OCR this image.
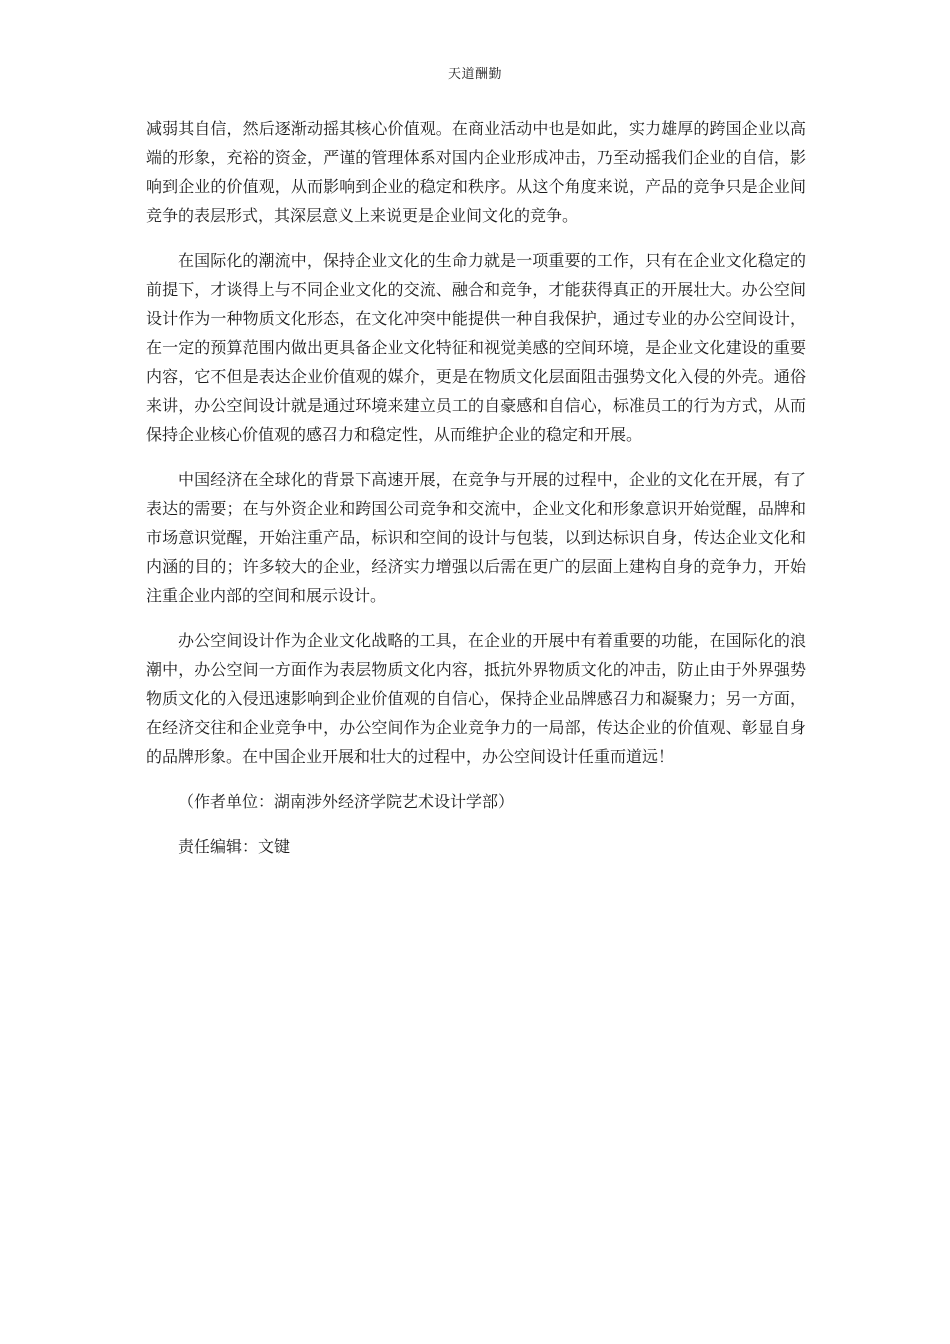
天道酬勤

减弱其自信，然后逐渐动摇其核心价值观。在商业活动中也是如此，实力雄厚的跨国企业以高端的形象，充裕的资金，严谨的管理体系对国内企业形成冲击，乃至动摇我们企业的自信，影响到企业的价值观，从而影响到企业的稳定和秩序。从这个角度来说，产品的竞争只是企业间竞争的表层形式，其深层意义上来说更是企业间文化的竞争。

在国际化的潮流中，保持企业文化的生命力就是一项重要的工作，只有在企业文化稳定的前提下，才谈得上与不同企业文化的交流、融合和竞争，才能获得真正的开展壮大。办公空间设计作为一种物质文化形态，在文化冲突中能提供一种自我保护，通过专业的办公空间设计，在一定的预算范围内做出更具备企业文化特征和视觉美感的空间环境，是企业文化建设的重要内容，它不但是表达企业价值观的媒介，更是在物质文化层面阻击强势文化入侵的外壳。通俗来讲，办公空间设计就是通过环境来建立员工的自豪感和自信心，标准员工的行为方式，从而保持企业核心价值观的感召力和稳定性，从而维护企业的稳定和开展。

中国经济在全球化的背景下高速开展，在竞争与开展的过程中，企业的文化在开展，有了表达的需要；在与外资企业和跨国公司竞争和交流中，企业文化和形象意识开始觉醒，品牌和市场意识觉醒，开始注重产品，标识和空间的设计与包装，以到达标识自身，传达企业文化和内涵的目的；许多较大的企业，经济实力增强以后需在更广的层面上建构自身的竞争力，开始注重企业内部的空间和展示设计。

办公空间设计作为企业文化战略的工具，在企业的开展中有着重要的功能，在国际化的浪潮中，办公空间一方面作为表层物质文化内容，抵抗外界物质文化的冲击，防止由于外界强势物质文化的入侵迅速影响到企业价值观的自信心，保持企业品牌感召力和凝聚力；另一方面，在经济交往和企业竞争中，办公空间作为企业竞争力的一局部，传达企业的价值观、彰显自身的品牌形象。在中国企业开展和壮大的过程中，办公空间设计任重而道远！

（作者单位：湖南涉外经济学院艺术设计学部）

责任编辑：文键
